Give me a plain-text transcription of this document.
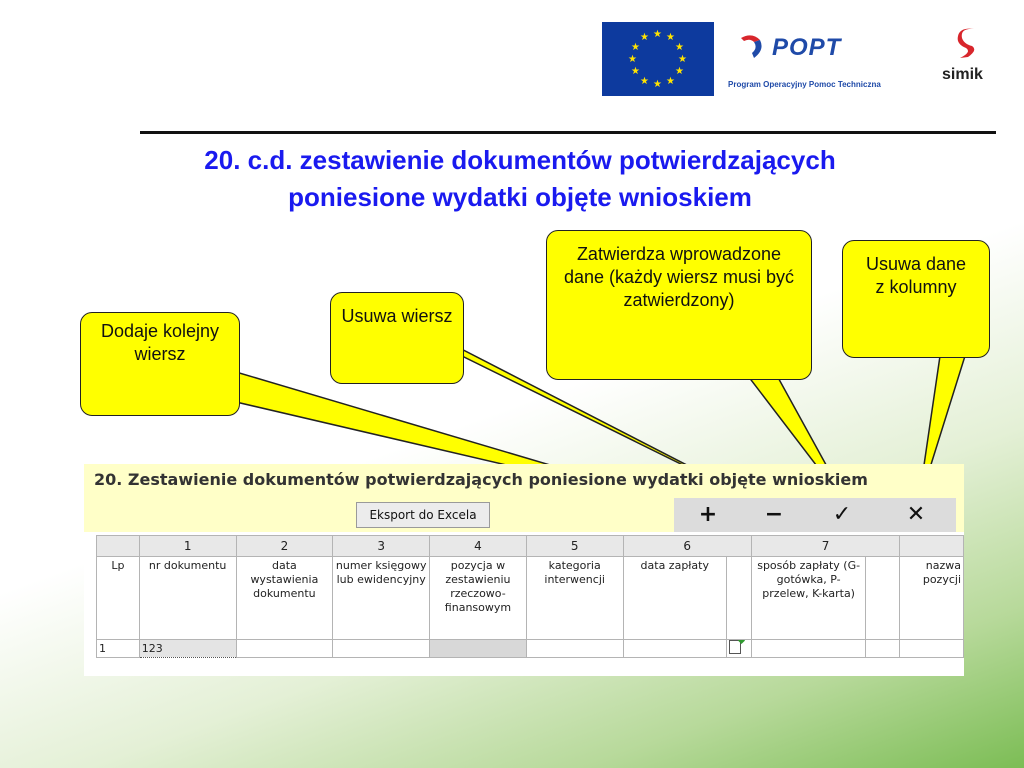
★ ★
★
★
★
★
★
★
★
★
★
★	POPT
Program Operacyjny Pomoc Techniczna
simik
20. c.d. zestawienie dokumentów potwierdzających
poniesione wydatki objęte wnioskiem
Dodaje kolejny wiersz
Usuwa wiersz
Zatwierdza wprowadzone dane (każdy wiersz musi być zatwierdzony)
Usuwa dane z kolumny
20. Zestawienie dokumentów potwierdzających poniesione wydatki objęte wnioskiem
Eksport do Excela	+	−	✓	✕
	1	2	3	4	5	6		7		
Lp	nr dokumentu	data wystawienia dokumentu	numer księgowy lub ewidencyjny	pozycja w zestawieniu rzeczowo-finansowym	kategoria interwencji	data zapłaty		sposób zapłaty (G-gotówka, P-przelew, K-karta)		nazwa pozycji
1	123									
